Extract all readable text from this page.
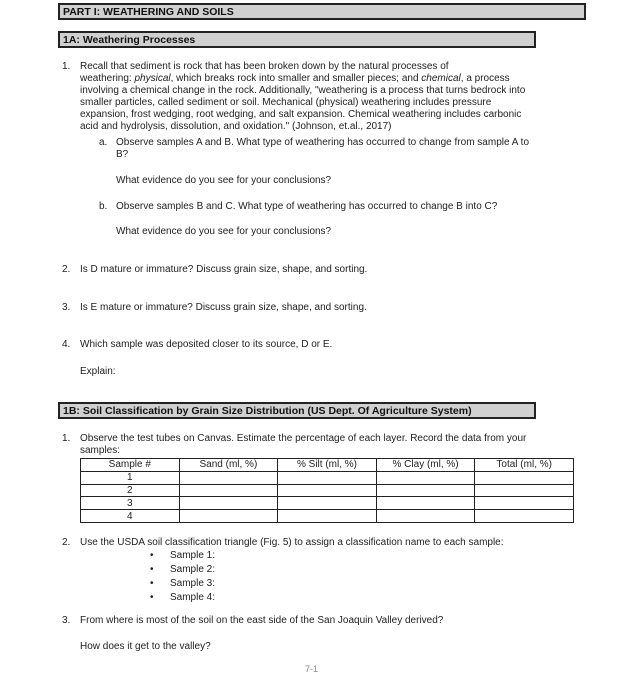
PART I: WEATHERING AND SOILS
1A: Weathering Processes
1. Recall that sediment is rock that has been broken down by the natural processes of
weathering: physical, which breaks rock into smaller and smaller pieces; and chemical, a process
involving a chemical change in the rock. Additionally, "weathering is a process that turns bedrock into
smaller particles, called sediment or soil. Mechanical (physical) weathering includes pressure
expansion, frost wedging, root wedging, and salt expansion. Chemical weathering includes carbonic
acid and hydrolysis, dissolution, and oxidation." (Johnson, et.al., 2017)
a. Observe samples A and B. What type of weathering has occurred to change from sample A to
B?
What evidence do you see for your conclusions?
b. Observe samples B and C. What type of weathering has occurred to change B into C?
What evidence do you see for your conclusions?
2. Is D mature or immature? Discuss grain size, shape, and sorting.
3. Is E mature or immature? Discuss grain size, shape, and sorting.
4. Which sample was deposited closer to its source, D or E.
Explain:
1B: Soil Classification by Grain Size Distribution (US Dept. Of Agriculture System)
1. Observe the test tubes on Canvas. Estimate the percentage of each layer. Record the data from your
samples:
Sample #	Sand (ml, %)	% Silt (ml, %)	% Clay (ml, %)	Total (ml, %)
1				
2				
3				
4				
2. Use the USDA soil classification triangle (Fig. 5) to assign a classification name to each sample:
• Sample 1:
• Sample 2:
• Sample 3:
• Sample 4:
3. From where is most of the soil on the east side of the San Joaquin Valley derived?
How does it get to the valley?
7-1
